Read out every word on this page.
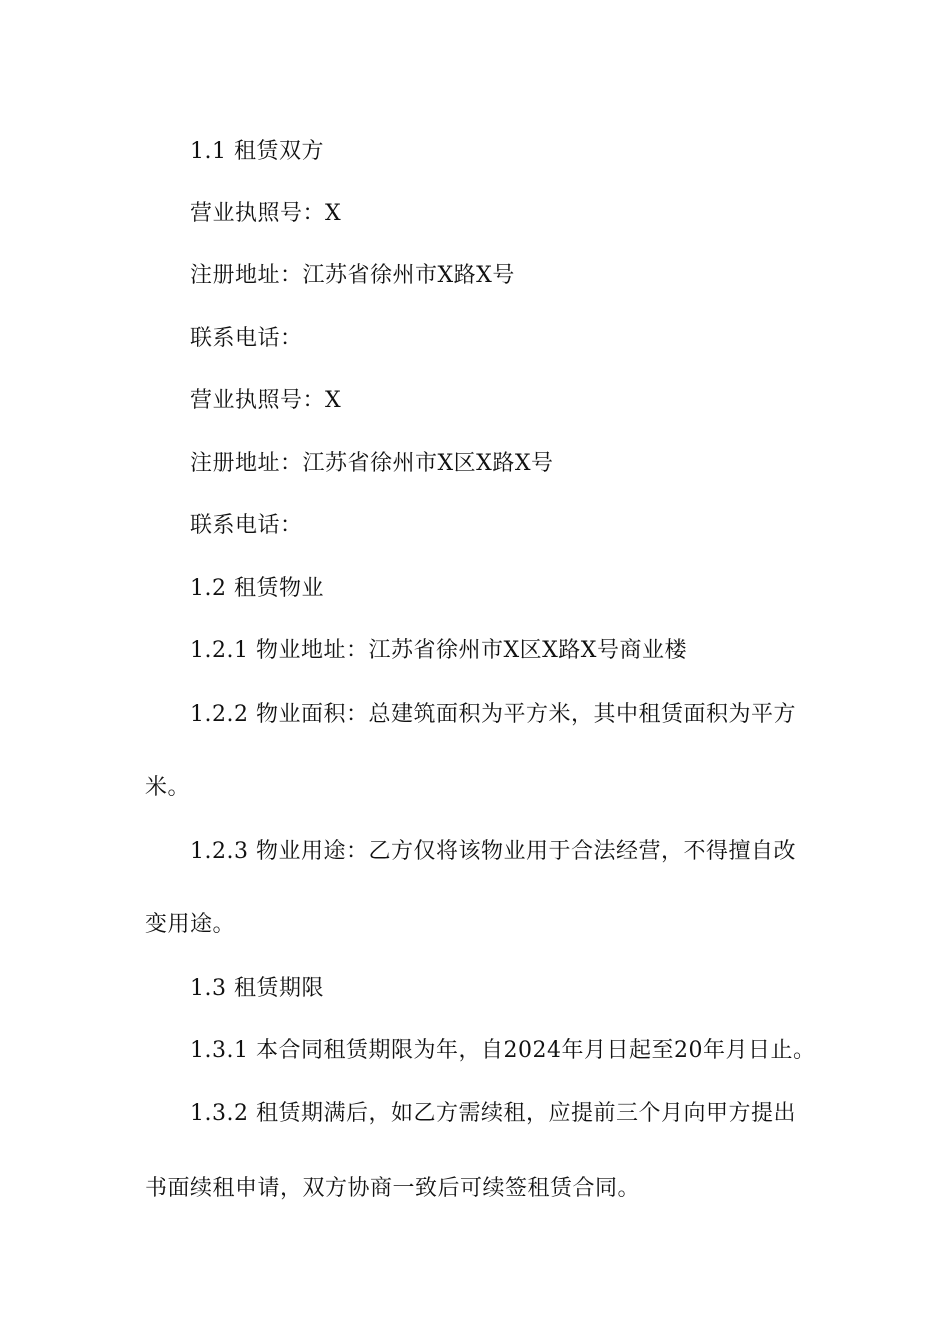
1.1 租赁双方

营业执照号：X

注册地址：江苏省徐州市X路X号

联系电话：

营业执照号：X

注册地址：江苏省徐州市X区X路X号

联系电话：

1.2 租赁物业

1.2.1 物业地址：江苏省徐州市X区X路X号商业楼

1.2.2 物业面积：总建筑面积为平方米，其中租赁面积为平方

米。

1.2.3 物业用途：乙方仅将该物业用于合法经营，不得擅自改

变用途。

1.3 租赁期限

1.3.1 本合同租赁期限为年，自2024年月日起至20年月日止。

1.3.2 租赁期满后，如乙方需续租，应提前三个月向甲方提出

书面续租申请，双方协商一致后可续签租赁合同。
